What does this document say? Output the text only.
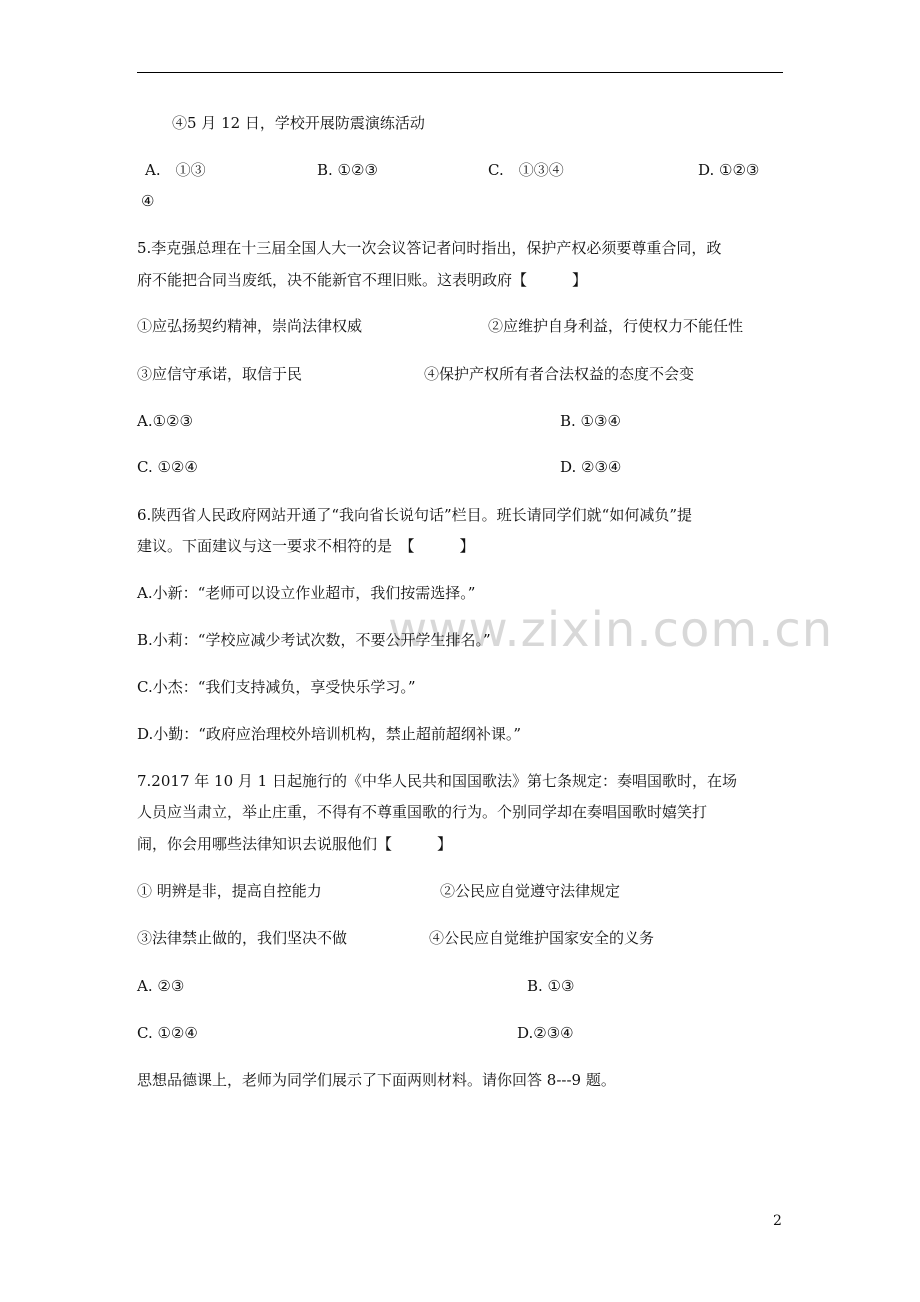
www.zixin.com.cn
④5 月 12 日，学校开展防震演练活动
A.　①③	B. ①②③	C.　①③④	D. ①②③
④
5.李克强总理在十三届全国人大一次会议答记者问时指出，保护产权必须要尊重合同，政
府不能把合同当废纸，决不能新官不理旧账。这表明政府【　　　】
①应弘扬契约精神，崇尚法律权威	②应维护自身利益，行使权力不能任性
③应信守承诺，取信于民	④保护产权所有者合法权益的态度不会变
A.①②③	B. ①③④
C. ①②④	D. ②③④
6.陕西省人民政府网站开通了“我向省长说句话”栏目。班长请同学们就“如何减负”提
建议。下面建议与这一要求不相符的是　【　　　】
A.小新：“老师可以设立作业超市，我们按需选择。”
B.小莉：“学校应减少考试次数，不要公开学生排名。”
C.小杰：“我们支持减负，享受快乐学习。”
D.小勤：“政府应治理校外培训机构，禁止超前超纲补课。”
7.2017 年 10 月 1 日起施行的《中华人民共和国国歌法》第七条规定：奏唱国歌时，在场
人员应当肃立，举止庄重，不得有不尊重国歌的行为。个别同学却在奏唱国歌时嬉笑打
闹，你会用哪些法律知识去说服他们【　　　】
① 明辨是非，提高自控能力	②公民应自觉遵守法律规定
③法律禁止做的，我们坚决不做	④公民应自觉维护国家安全的义务
A. ②③	B. ①③
C. ①②④	D.②③④
思想品德课上，老师为同学们展示了下面两则材料。请你回答 8---9 题。
2
